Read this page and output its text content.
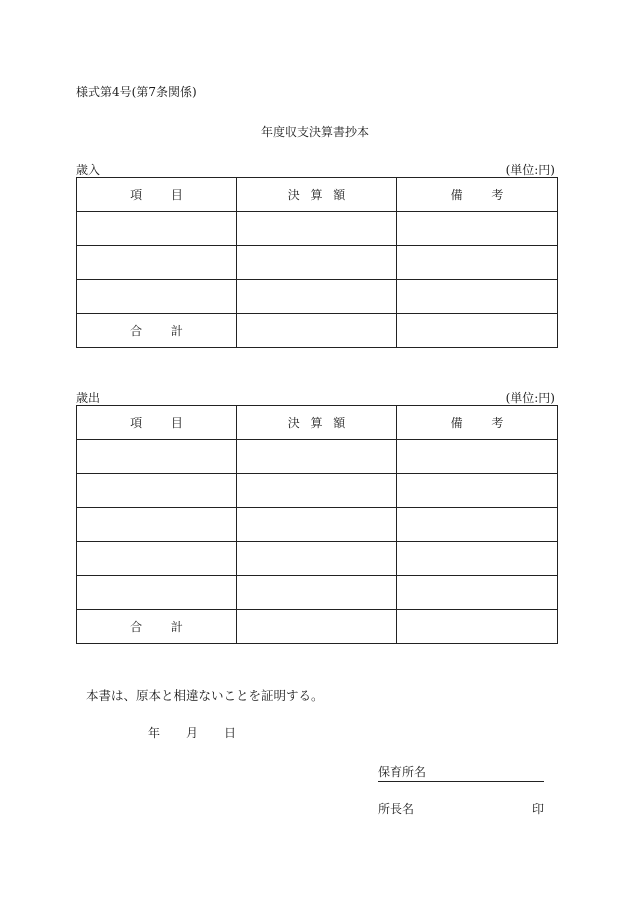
様式第4号(第7条関係)
年度収支決算書抄本
歳入	(単位:円)
項目	決算額	備考

合計		
歳出	(単位:円)
項目	決算額	備考

合計		
本書は、原本と相違ないことを証明する。
年 月 日
保育所名
所長名	印
